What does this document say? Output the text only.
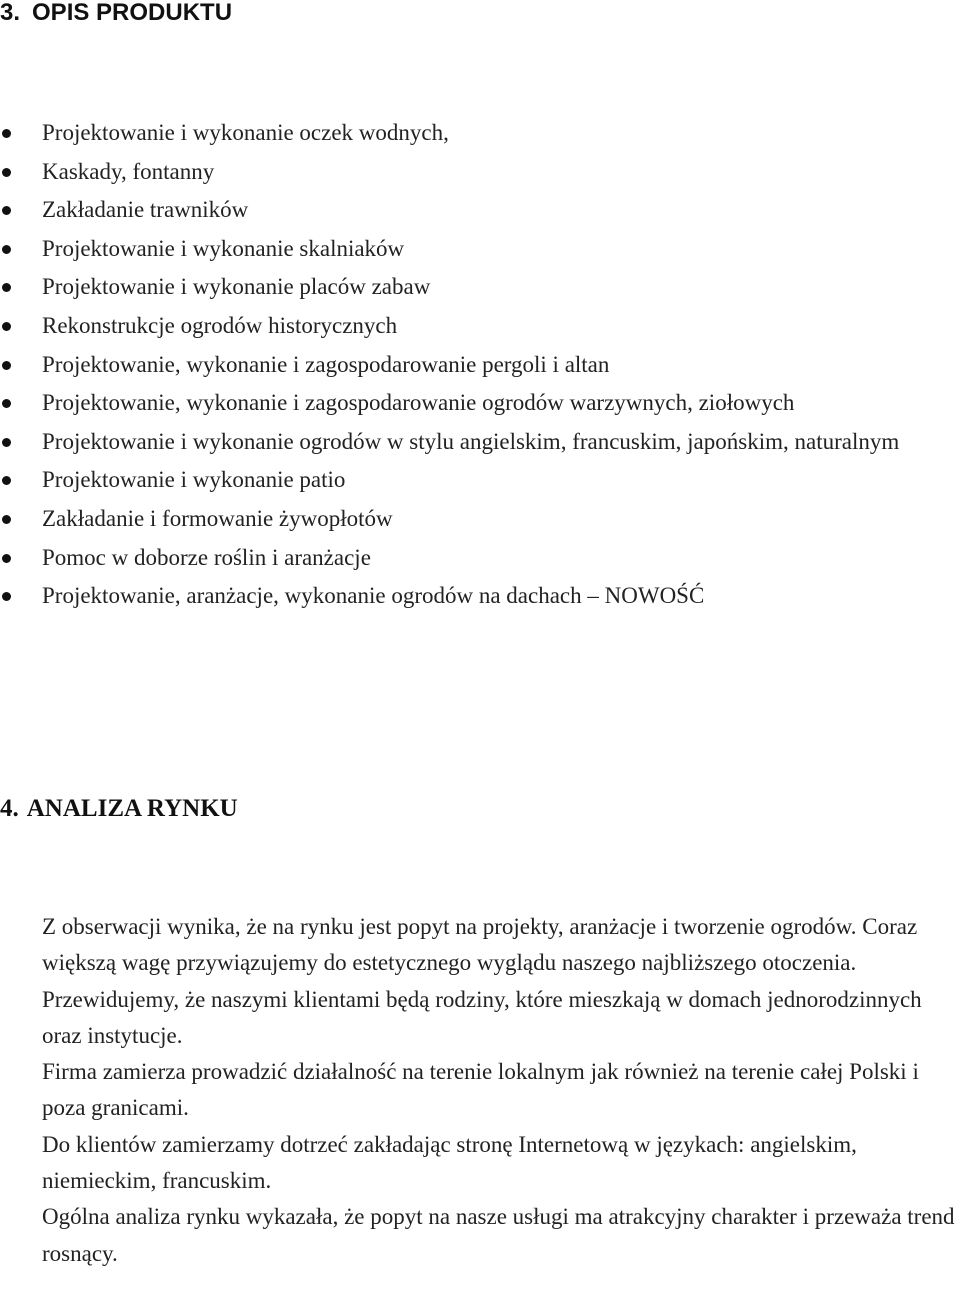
3. OPIS PRODUKTU
Projektowanie i wykonanie oczek wodnych,
Kaskady, fontanny
Zakładanie trawników
Projektowanie i wykonanie skalniaków
Projektowanie i wykonanie placów zabaw
Rekonstrukcje ogrodów historycznych
Projektowanie, wykonanie i zagospodarowanie pergoli i altan
Projektowanie, wykonanie i zagospodarowanie ogrodów warzywnych, ziołowych
Projektowanie i wykonanie ogrodów w stylu angielskim, francuskim, japońskim, naturalnym
Projektowanie i wykonanie patio
Zakładanie i formowanie żywopłotów
Pomoc w doborze roślin i aranżacje
Projektowanie, aranżacje, wykonanie ogrodów na dachach – NOWOŚĆ
4. ANALIZA RYNKU

Z obserwacji wynika, że na rynku jest popyt na projekty, aranżacje i tworzenie ogrodów. Coraz większą wagę przywiązujemy do estetycznego wyglądu naszego najbliższego otoczenia.

Przewidujemy, że naszymi klientami będą rodziny, które mieszkają w domach jednorodzinnych oraz instytucje.

Firma zamierza prowadzić działalność na terenie lokalnym jak również na terenie całej Polski i poza granicami.

Do klientów zamierzamy dotrzeć zakładając stronę Internetową w językach: angielskim, niemieckim, francuskim.

Ogólna analiza rynku wykazała, że popyt na nasze usługi ma atrakcyjny charakter i przeważa trend rosnący.
